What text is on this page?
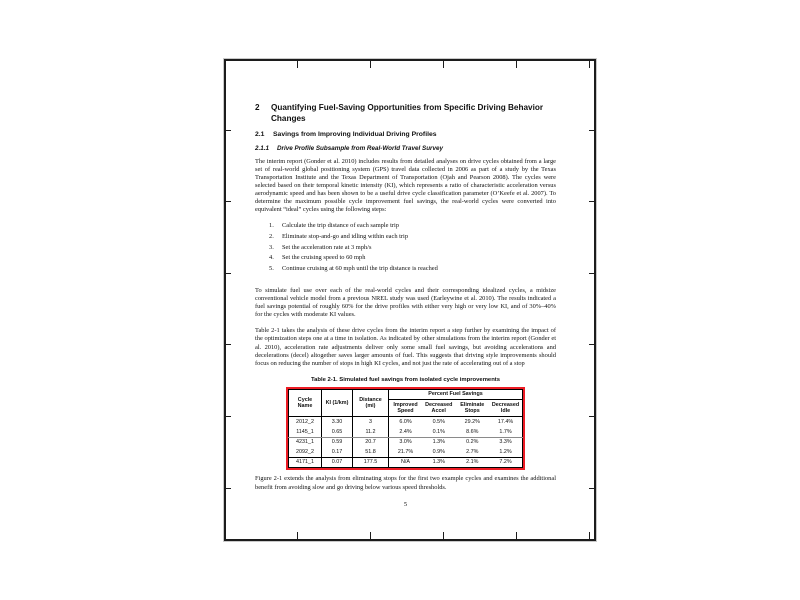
2	Quantifying Fuel-Saving Opportunities from Specific Driving Behavior Changes
2.1	Savings from Improving Individual Driving Profiles
2.1.1	Drive Profile Subsample from Real-World Travel Survey

The interim report (Gonder et al. 2010) includes results from detailed analyses on drive cycles obtained from a large set of real-world global positioning system (GPS) travel data collected in 2006 as part of a study by the Texas Transportation Institute and the Texas Department of Transportation (Ojah and Pearson 2008). The cycles were selected based on their temporal kinetic intensity (KI), which represents a ratio of characteristic acceleration versus aerodynamic speed and has been shown to be a useful drive cycle classification parameter (O’Keefe et al. 2007). To determine the maximum possible cycle improvement fuel savings, the real-world cycles were converted into equivalent “ideal” cycles using the following steps:

1.	Calculate the trip distance of each sample trip
2.	Eliminate stop-and-go and idling within each trip
3.	Set the acceleration rate at 3 mph/s
4.	Set the cruising speed to 60 mph
5.	Continue cruising at 60 mph until the trip distance is reached

To simulate fuel use over each of the real-world cycles and their corresponding idealized cycles, a midsize conventional vehicle model from a previous NREL study was used (Earleywine et al. 2010). The results indicated a fuel savings potential of roughly 60% for the drive profiles with either very high or very low KI, and of 30%–40% for the cycles with moderate KI values.

Table 2-1 takes the analysis of these drive cycles from the interim report a step further by examining the impact of the optimization steps one at a time in isolation. As indicated by other simulations from the interim report (Gonder et al. 2010), acceleration rate adjustments deliver only some small fuel savings, but avoiding accelerations and decelerations (decel) altogether saves larger amounts of fuel. This suggests that driving style improvements should focus on reducing the number of stops in high KI cycles, and not just the rate of accelerating out of a stop

Table 2-1. Simulated fuel savings from isolated cycle improvements
Cycle Name	KI (1/km)	Distance (mi)	Percent Fuel Savings			
			Improved Speed	Decreased Accel	Eliminate Stops	Decreased Idle
2012_2	3.30	3	6.0%	0.5%	29.2%	17.4%
1145_1	0.65	11.2	2.4%	0.1%	8.6%	1.7%
4231_1	0.59	20.7	3.0%	1.3%	0.2%	3.3%
2092_2	0.17	51.8	21.7%	0.9%	2.7%	1.2%
4171_1	0.07	177.5	N/A	1.3%	2.1%	7.2%

Figure 2-1 extends the analysis from eliminating stops for the first two example cycles and examines the additional benefit from avoiding slow and go driving below various speed thresholds.

5
